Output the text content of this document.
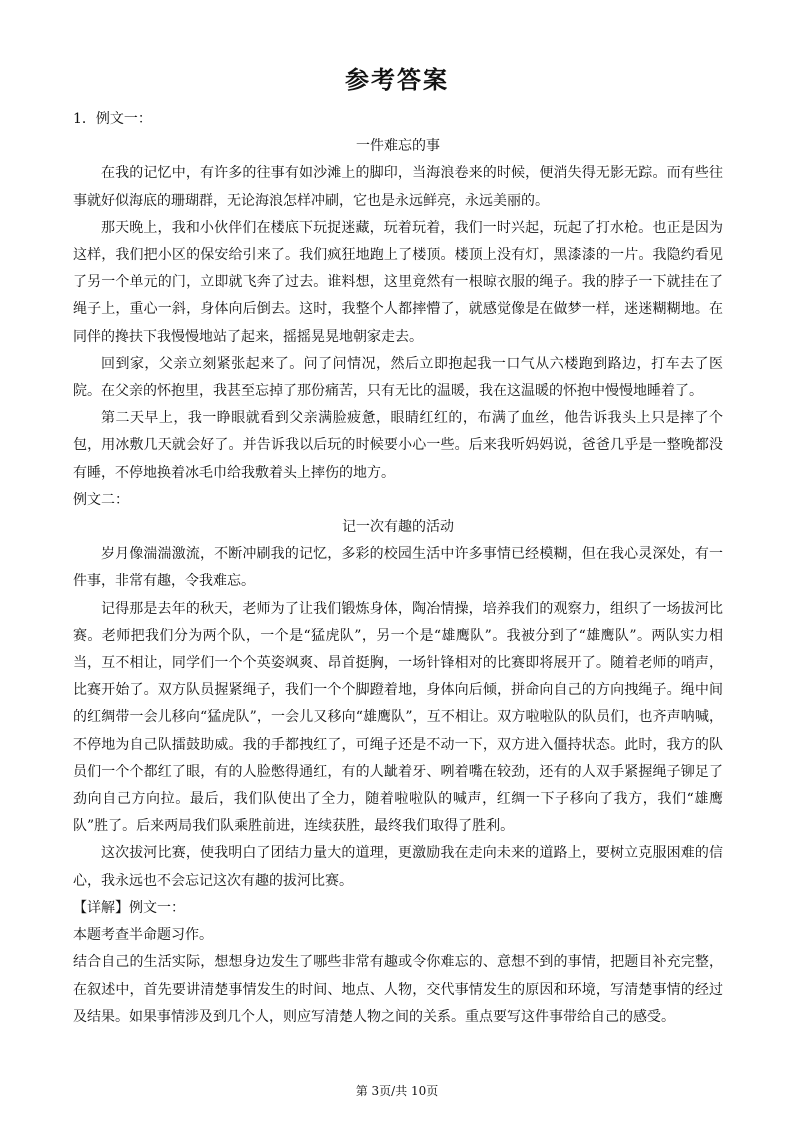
参考答案

1．例文一：

一件难忘的事

在我的记忆中，有许多的往事有如沙滩上的脚印，当海浪卷来的时候，便消失得无影无踪。而有些往事就好似海底的珊瑚群，无论海浪怎样冲刷，它也是永远鲜亮，永远美丽的。

那天晚上，我和小伙伴们在楼底下玩捉迷藏，玩着玩着，我们一时兴起，玩起了打水枪。也正是因为这样，我们把小区的保安给引来了。我们疯狂地跑上了楼顶。楼顶上没有灯，黑漆漆的一片。我隐约看见了另一个单元的门，立即就飞奔了过去。谁料想，这里竟然有一根晾衣服的绳子。我的脖子一下就挂在了绳子上，重心一斜，身体向后倒去。这时，我整个人都摔懵了，就感觉像是在做梦一样，迷迷糊糊地。在同伴的搀扶下我慢慢地站了起来，摇摇晃晃地朝家走去。

回到家，父亲立刻紧张起来了。问了问情况，然后立即抱起我一口气从六楼跑到路边，打车去了医院。在父亲的怀抱里，我甚至忘掉了那份痛苦，只有无比的温暖，我在这温暖的怀抱中慢慢地睡着了。

第二天早上，我一睁眼就看到父亲满脸疲惫，眼睛红红的，布满了血丝，他告诉我头上只是摔了个包，用冰敷几天就会好了。并告诉我以后玩的时候要小心一些。后来我听妈妈说，爸爸几乎是一整晚都没有睡，不停地换着冰毛巾给我敷着头上摔伤的地方。

例文二：

记一次有趣的活动

岁月像湍湍激流，不断冲刷我的记忆，多彩的校园生活中许多事情已经模糊，但在我心灵深处，有一件事，非常有趣，令我难忘。

记得那是去年的秋天，老师为了让我们锻炼身体，陶冶情操，培养我们的观察力，组织了一场拔河比赛。老师把我们分为两个队，一个是“猛虎队”，另一个是“雄鹰队”。我被分到了“雄鹰队”。两队实力相当，互不相让，同学们一个个英姿飒爽、昂首挺胸，一场针锋相对的比赛即将展开了。随着老师的哨声，比赛开始了。双方队员握紧绳子，我们一个个脚蹬着地，身体向后倾，拼命向自己的方向拽绳子。绳中间的红绸带一会儿移向“猛虎队”，一会儿又移向“雄鹰队”，互不相让。双方啦啦队的队员们，也齐声呐喊，不停地为自己队擂鼓助威。我的手都拽红了，可绳子还是不动一下，双方进入僵持状态。此时，我方的队员们一个个都红了眼，有的人脸憋得通红，有的人龇着牙、咧着嘴在较劲，还有的人双手紧握绳子铆足了劲向自己方向拉。最后，我们队使出了全力，随着啦啦队的喊声，红绸一下子移向了我方，我们“雄鹰队”胜了。后来两局我们队乘胜前进，连续获胜，最终我们取得了胜利。

这次拔河比赛，使我明白了团结力量大的道理，更激励我在走向未来的道路上，要树立克服困难的信心，我永远也不会忘记这次有趣的拔河比赛。

【详解】例文一：

本题考查半命题习作。

结合自己的生活实际，想想身边发生了哪些非常有趣或令你难忘的、意想不到的事情，把题目补充完整，在叙述中，首先要讲清楚事情发生的时间、地点、人物，交代事情发生的原因和环境，写清楚事情的经过及结果。如果事情涉及到几个人，则应写清楚人物之间的关系。重点要写这件事带给自己的感受。

第 3页/共 10页
